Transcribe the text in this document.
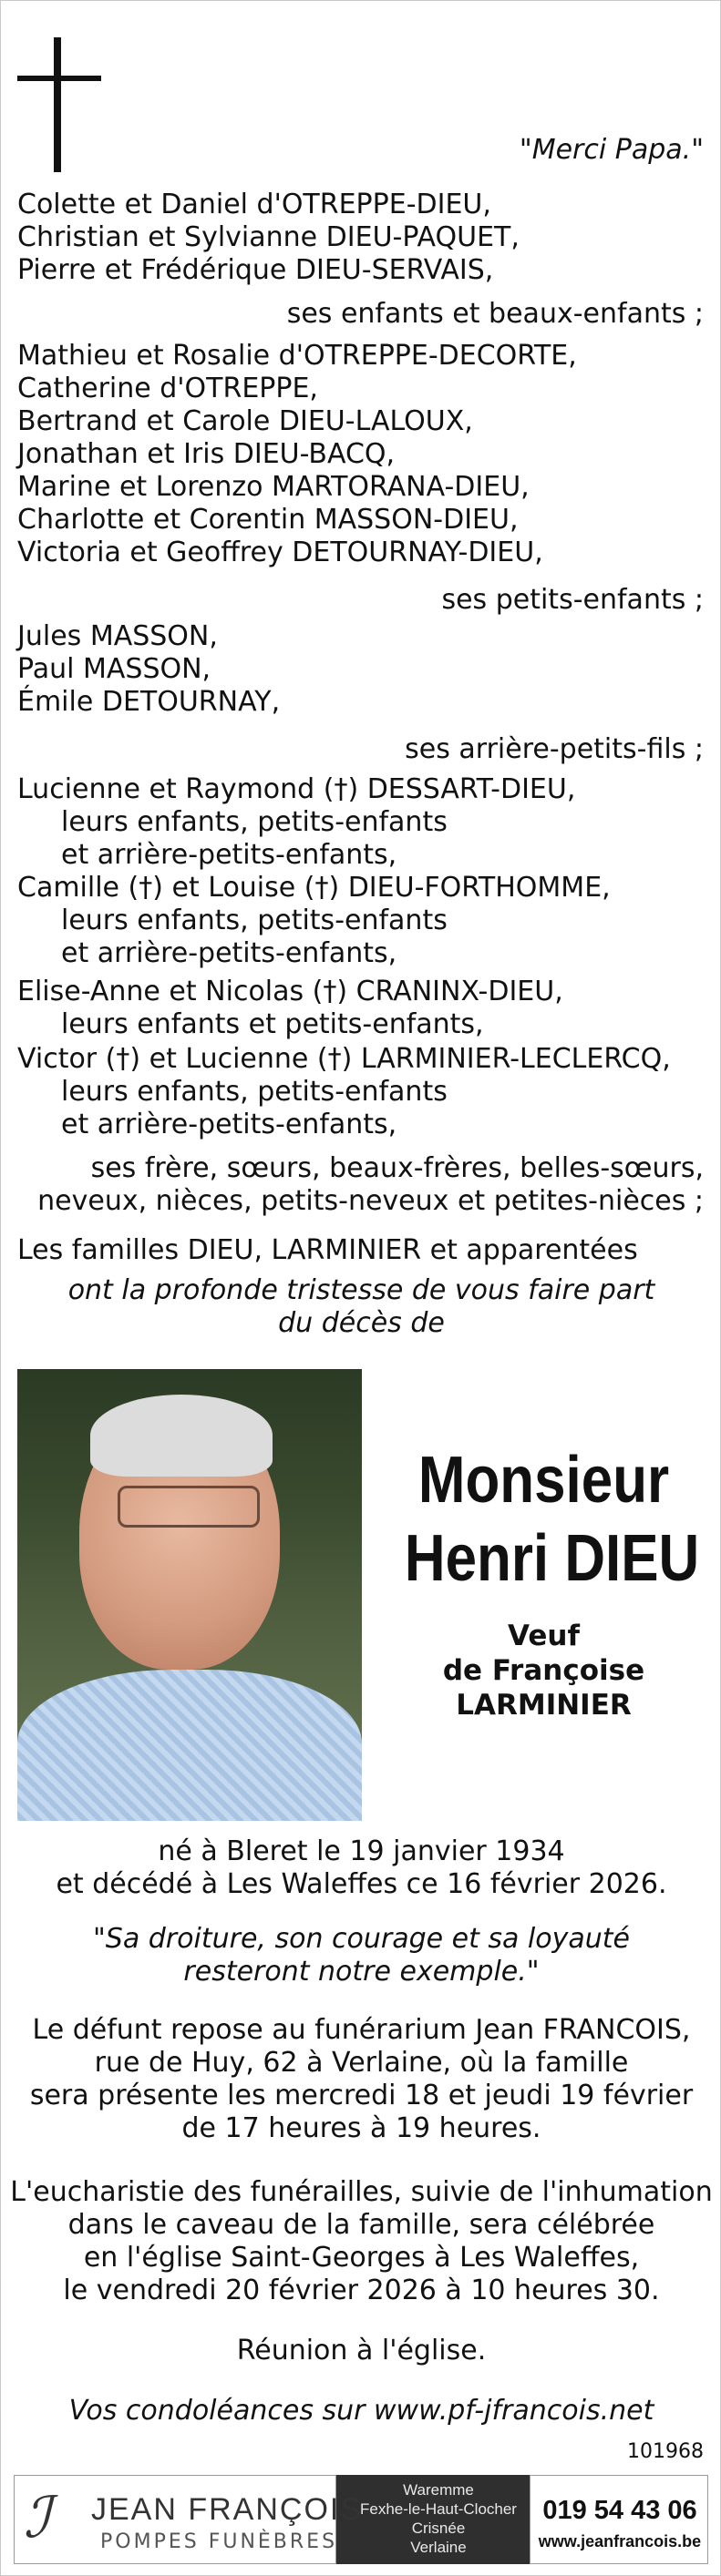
"Merci Papa."
Colette et Daniel d'OTREPPE-DIEU,
Christian et Sylvianne DIEU-PAQUET,
Pierre et Frédérique DIEU-SERVAIS,
ses enfants et beaux-enfants ;
Mathieu et Rosalie d'OTREPPE-DECORTE,
Catherine d'OTREPPE,
Bertrand et Carole DIEU-LALOUX,
Jonathan et Iris DIEU-BACQ,
Marine et Lorenzo MARTORANA-DIEU,
Charlotte et Corentin MASSON-DIEU,
Victoria et Geoffrey DETOURNAY-DIEU,
ses petits-enfants ;
Jules MASSON,
Paul MASSON,
Émile DETOURNAY,
ses arrière-petits-fils ;
Lucienne et Raymond (†) DESSART-DIEU,
leurs enfants, petits-enfants
et arrière-petits-enfants,
Camille (†) et Louise (†) DIEU-FORTHOMME,
leurs enfants, petits-enfants
et arrière-petits-enfants,
Elise-Anne et Nicolas (†) CRANINX-DIEU,
leurs enfants et petits-enfants,
Victor (†) et Lucienne (†) LARMINIER-LECLERCQ,
leurs enfants, petits-enfants
et arrière-petits-enfants,
ses frère, sœurs, beaux-frères, belles-sœurs,
neveux, nièces, petits-neveux et petites-nièces ;
Les familles DIEU, LARMINIER et apparentées
ont la profonde tristesse de vous faire part
du décès de
Monsieur
Henri DIEU
Veuf
de Françoise
LARMINIER
né à Bleret le 19 janvier 1934
et décédé à Les Waleffes ce 16 février 2026.
"Sa droiture, son courage et sa loyauté
resteront notre exemple."
Le défunt repose au funérarium Jean FRANCOIS,
rue de Huy, 62 à Verlaine, où la famille
sera présente les mercredi 18 et jeudi 19 février
de 17 heures à 19 heures.
L'eucharistie des funérailles, suivie de l'inhumation
dans le caveau de la famille, sera célébrée
en l'église Saint-Georges à Les Waleffes,
le vendredi 20 février 2026 à 10 heures 30.
Réunion à l'église.
Vos condoléances sur www.pf-jfrancois.net
101968
ℐ JEAN FRANÇOIS
POMPES FUNÈBRES
Waremme
Fexhe-le-Haut-Clocher
Crisnée
Verlaine
019 54 43 06
www.jeanfrancois.be
